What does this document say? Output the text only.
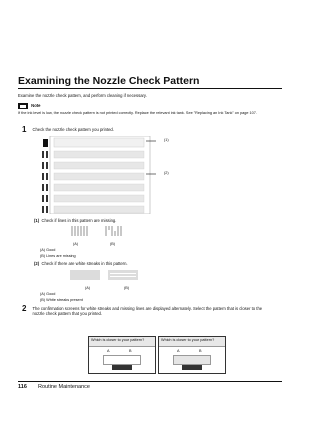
Examining the Nozzle Check Pattern
Examine the nozzle check pattern, and perform cleaning if necessary.
Note
If the ink level is low, the nozzle check pattern is not printed correctly. Replace the relevant ink tank. See "Replacing an Ink Tank" on page 107.
1 Check the nozzle check pattern you printed.
(1)
(2)
(1) Check if lines in this pattern are missing.
(A)	(B)
(A) Good
(B) Lines are missing
(2) Check if there are white streaks in this pattern.
(A)	(B)
(A) Good
(B) White streaks present
2 The confirmation screens for white streaks and missing lines are displayed alternately. Select the pattern that is closer to the nozzle check pattern that you printed.
Which is closer to your pattern?
A	B
Which is closer to your pattern?
A	B
116 Routine Maintenance
